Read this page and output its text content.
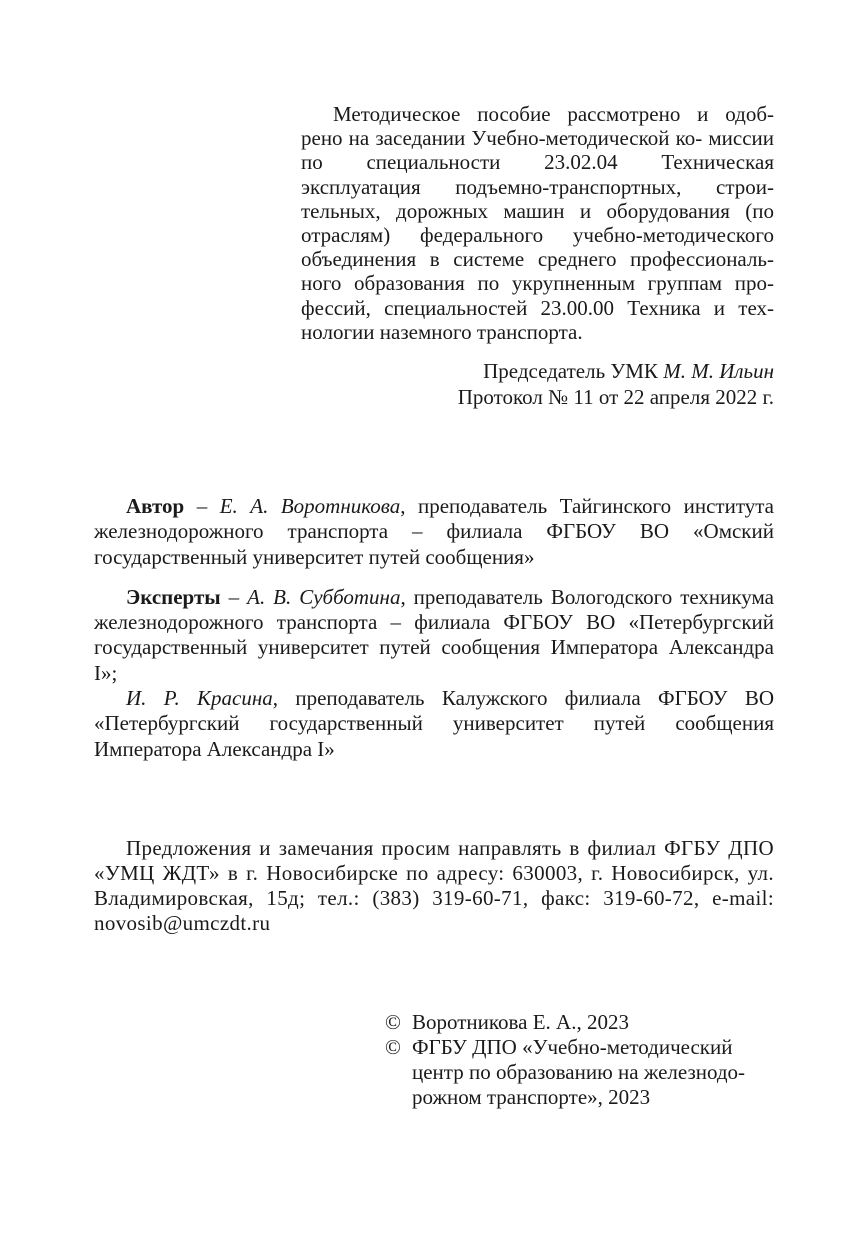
Методическое пособие рассмотрено и одоб- рено на заседании Учебно-методической ко- миссии по специальности 23.02.04 Техническая эксплуатация подъемно-транспортных, строи- тельных, дорожных машин и оборудования (по отраслям) федерального учебно-методического объединения в системе среднего профессиональ- ного образования по укрупненным группам про- фессий, специальностей 23.00.00 Техника и тех- нологии наземного транспорта.

Председатель УМК М. М. Ильин
Протокол № 11 от 22 апреля 2022 г.

Автор – Е. А. Воротникова, преподаватель Тайгинского института железнодорожного транспорта – филиала ФГБОУ ВО «Омский государственный университет путей сообщения»

Эксперты – А. В. Субботина, преподаватель Вологодского техникума железнодорожного транспорта – филиала ФГБОУ ВО «Петербургский государственный университет путей сообщения Императора Александра I»;

И. Р. Красина, преподаватель Калужского филиала ФГБОУ ВО «Петербургский государственный университет путей сообщения Императора Александра I»

Предложения и замечания просим направлять в филиал ФГБУ ДПО «УМЦ ЖДТ» в г. Новосибирске по адресу: 630003, г. Новосибирск, ул. Владимировская, 15д; тел.: (383) 319-60-71, факс: 319-60-72, e-mail: novosib@umczdt.ru
© Воротникова Е. А., 2023
© ФГБУ ДПО «Учебно-методический
центр по образованию на железнодо-
рожном транспорте», 2023
